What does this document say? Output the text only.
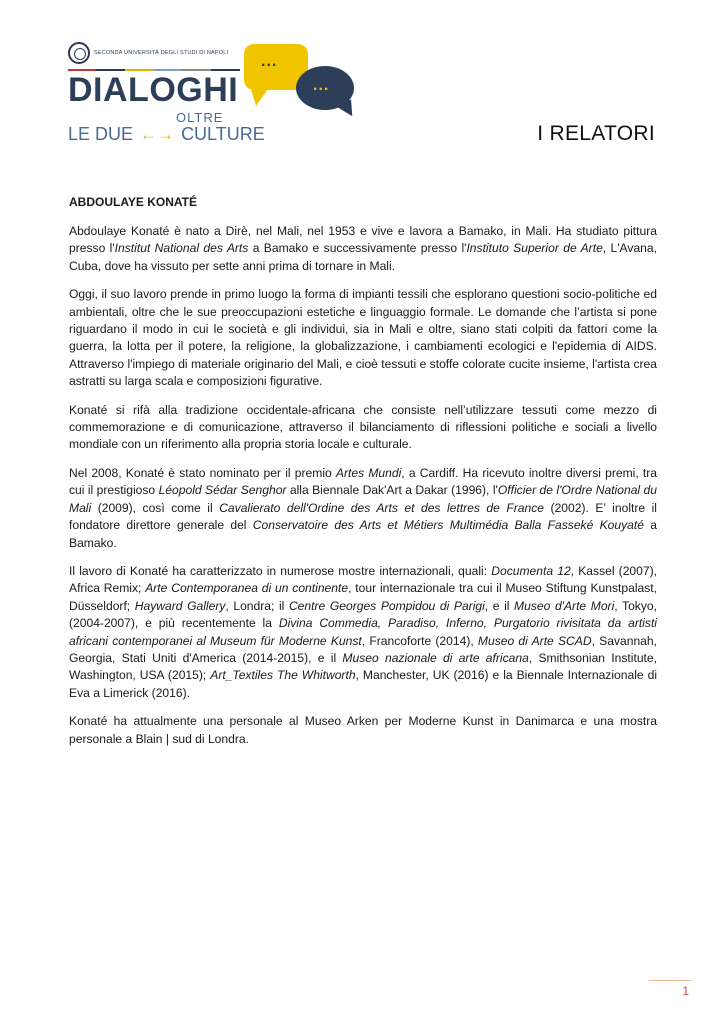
SECONDA UNIVERSITÀ DEGLI STUDI DI NAPOLI
DIALOGHI
OLTRE
LE DUE ←→ CULTURE
...
...
I RELATORI
ABDOULAYE KONATÉ

Abdoulaye Konaté è nato a Dirè, nel Mali, nel 1953 e vive e lavora a Bamako, in Mali. Ha studiato pittura presso l'Institut National des Arts a Bamako e successivamente presso l'Instituto Superior de Arte, L'Avana, Cuba, dove ha vissuto per sette anni prima di tornare in Mali.

Oggi, il suo lavoro prende in primo luogo la forma di impianti tessili che esplorano questioni socio-politiche ed ambientali, oltre che le sue preoccupazioni estetiche e linguaggio formale. Le domande che l’artista si pone riguardano il modo in cui le società e gli individui, sia in Mali e oltre, siano stati colpiti da fattori come la guerra, la lotta per il potere, la religione, la globalizzazione, i cambiamenti ecologici e l'epidemia di AIDS. Attraverso l'impiego di materiale originario del Mali, e cioè tessuti e stoffe colorate cucite insieme, l'artista crea astratti su larga scala e composizioni figurative.

Konaté si rifà alla tradizione occidentale-africana che consiste nell’utilizzare tessuti come mezzo di commemorazione e di comunicazione, attraverso il bilanciamento di riflessioni politiche e sociali a livello mondiale con un riferimento alla propria storia locale e culturale.

Nel 2008, Konaté è stato nominato per il premio Artes Mundi, a Cardiff. Ha ricevuto inoltre diversi premi, tra cui il prestigioso Léopold Sédar Senghor alla Biennale Dak'Art a Dakar (1996), l'Officier de l'Ordre National du Mali (2009), così come il Cavalierato dell'Ordine des Arts et des lettres de France (2002). E’ inoltre il fondatore direttore generale del Conservatoire des Arts et Métiers Multimédia Balla Fasseké Kouyaté a Bamako.

Il lavoro di Konaté ha caratterizzato in numerose mostre internazionali, quali: Documenta 12, Kassel (2007), Africa Remix; Arte Contemporanea di un continente, tour internazionale tra cui il Museo Stiftung Kunstpalast, Düsseldorf; Hayward Gallery, Londra; il Centre Georges Pompidou di Parigi, e il Museo d'Arte Mori, Tokyo, (2004-2007), e più recentemente la Divina Commedia, Paradiso, Inferno, Purgatorio rivisitata da artisti africani contemporanei al Museum für Moderne Kunst, Francoforte (2014), Museo di Arte SCAD, Savannah, Georgia, Stati Uniti d'America (2014-2015), e il Museo nazionale di arte africana, Smithsonian Institute, Washington, USA (2015); Art_Textiles The Whitworth, Manchester, UK (2016) e la Biennale Internazionale di Eva a Limerick (2016).

Konaté ha attualmente una personale al Museo Arken per Moderne Kunst in Danimarca e una mostra personale a Blain | sud di Londra.

1
